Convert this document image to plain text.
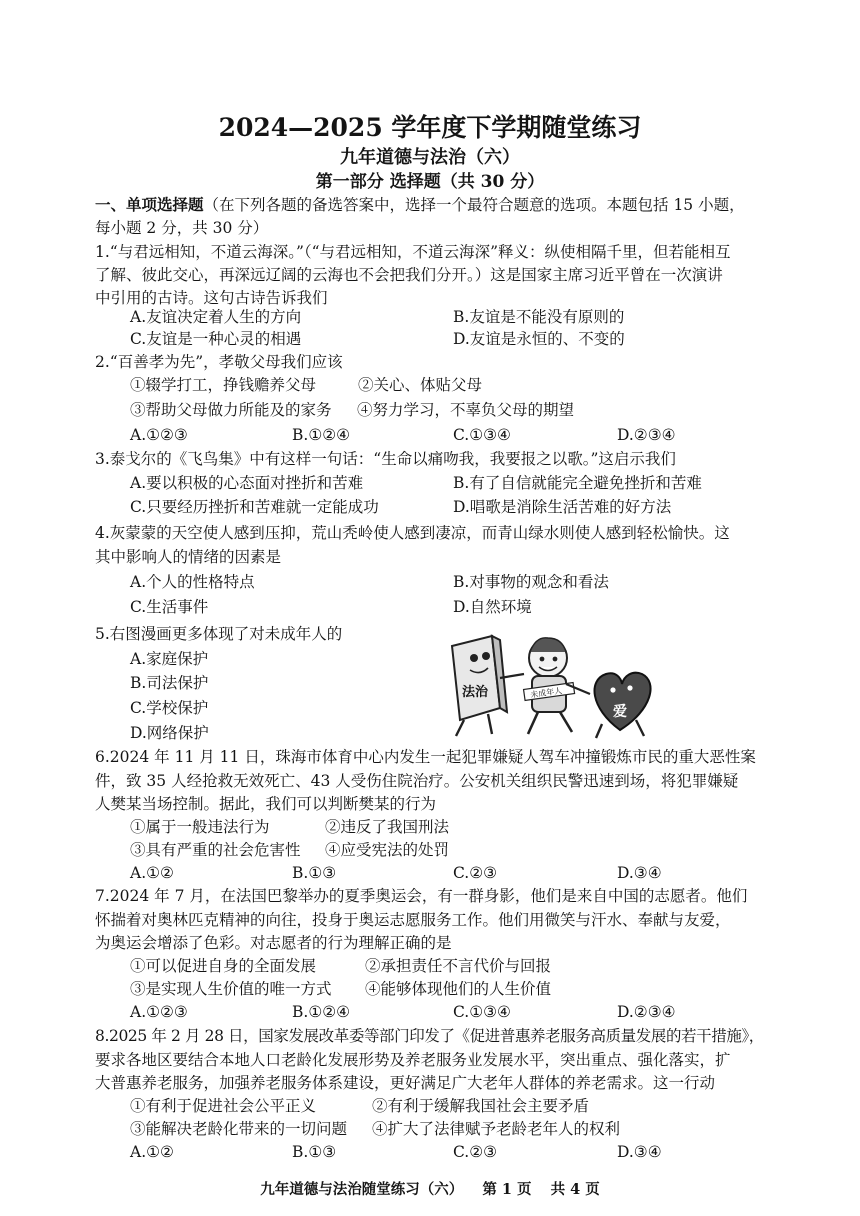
2024—2025 学年度下学期随堂练习
九年道德与法治（六）
第一部分 选择题（共 30 分）
一、单项选择题（在下列各题的备选答案中，选择一个最符合题意的选项。本题包括 15 小题，
每小题 2 分，共 30 分）
1.“与君远相知，不道云海深。”（“与君远相知，不道云海深”释义：纵使相隔千里，但若能相互
了解、彼此交心，再深远辽阔的云海也不会把我们分开。）这是国家主席习近平曾在一次演讲
中引用的古诗。这句古诗告诉我们
A.友谊决定着人生的方向	B.友谊是不能没有原则的
C.友谊是一种心灵的相遇	D.友谊是永恒的、不变的
2.“百善孝为先”，孝敬父母我们应该
①辍学打工，挣钱赡养父母	②关心、体贴父母
③帮助父母做力所能及的家务 ④努力学习，不辜负父母的期望
A.①②③	B.①②④	C.①③④	D.②③④
3.泰戈尔的《飞鸟集》中有这样一句话：“生命以痛吻我，我要报之以歌。”这启示我们
A.要以积极的心态面对挫折和苦难	B.有了自信就能完全避免挫折和苦难
C.只要经历挫折和苦难就一定能成功	D.唱歌是消除生活苦难的好方法
4.灰蒙蒙的天空使人感到压抑，荒山秃岭使人感到凄凉，而青山绿水则使人感到轻松愉快。这
其中影响人的情绪的因素是
A.个人的性格特点	B.对事物的观念和看法
C.生活事件	D.自然环境
5.右图漫画更多体现了对未成年人的
A.家庭保护
B.司法保护
C.学校保护
D.网络保护
法治	未成年人
爱
6.2024 年 11 月 11 日，珠海市体育中心内发生一起犯罪嫌疑人驾车冲撞锻炼市民的重大恶性案
件，致 35 人经抢救无效死亡、43 人受伤住院治疗。公安机关组织民警迅速到场，将犯罪嫌疑
人樊某当场控制。据此，我们可以判断樊某的行为
①属于一般违法行为	②违反了我国刑法
③具有严重的社会危害性 ④应受宪法的处罚
A.①②	B.①③	C.②③	D.③④
7.2024 年 7 月，在法国巴黎举办的夏季奥运会，有一群身影，他们是来自中国的志愿者。他们
怀揣着对奥林匹克精神的向往，投身于奥运志愿服务工作。他们用微笑与汗水、奉献与友爱，
为奥运会增添了色彩。对志愿者的行为理解正确的是
①可以促进自身的全面发展	②承担责任不言代价与回报
③是实现人生价值的唯一方式 ④能够体现他们的人生价值
A.①②③	B.①②④	C.①③④	D.②③④
8.2025 年 2 月 28 日，国家发展改革委等部门印发了《促进普惠养老服务高质量发展的若干措施》，
要求各地区要结合本地人口老龄化发展形势及养老服务业发展水平，突出重点、强化落实，扩
大普惠养老服务，加强养老服务体系建设，更好满足广大老年人群体的养老需求。这一行动
①有利于促进社会公平正义	②有利于缓解我国社会主要矛盾
③能解决老龄化带来的一切问题 ④扩大了法律赋予老龄老年人的权利
A.①②	B.①③	C.②③	D.③④
九年道德与法治随堂练习（六） 第 1 页 共 4 页
